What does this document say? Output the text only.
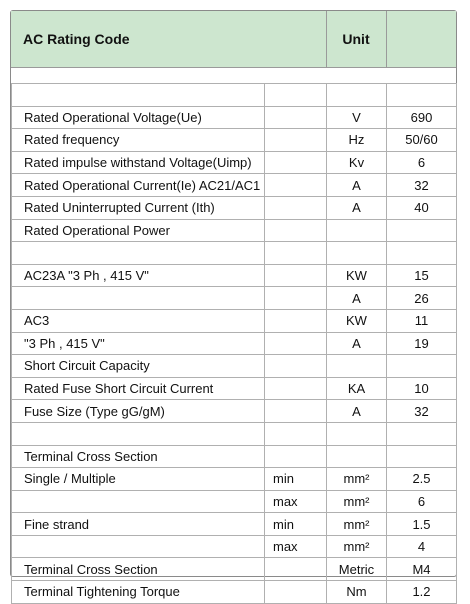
AC Rating Code	Unit

Rated Operational Voltage(Ue)		V	690
Rated frequency		Hz	50/60
Rated impulse withstand Voltage(Uimp)		Kv	6
Rated Operational Current(Ie) AC21/AC1		A	32
Rated Uninterrupted Current (Ith)		A	40
Rated Operational Power			

AC23A "3 Ph , 415 V"		KW	15
		A	26
AC3		KW	11
"3 Ph , 415 V"		A	19
Short Circuit Capacity			
Rated Fuse Short Circuit Current		KA	10
Fuse Size (Type gG/gM)		A	32

Terminal Cross Section			
Single / Multiple	min	mm²	2.5
	max	mm²	6
Fine strand	min	mm²	1.5
	max	mm²	4
Terminal Cross Section		Metric	M4
Terminal Tightening Torque		Nm	1.2
